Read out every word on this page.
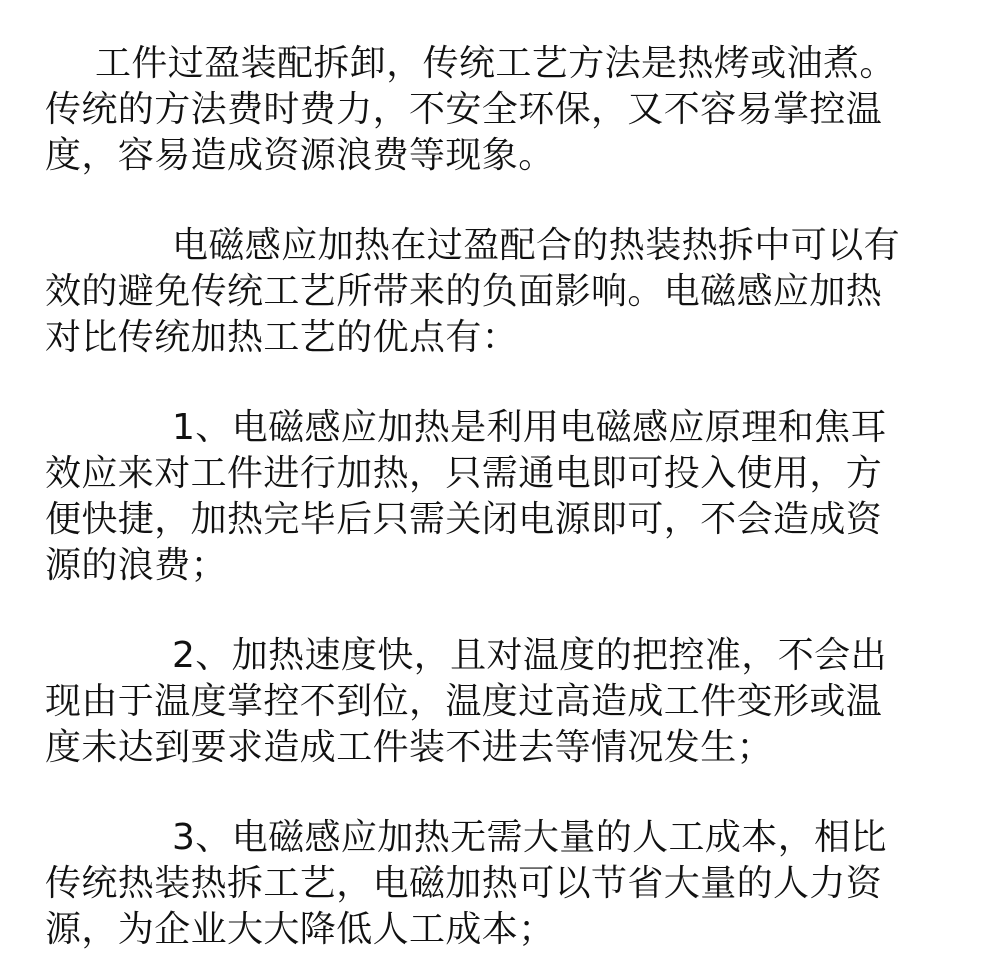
工件过盈装配拆卸，传统工艺方法是热烤或油煮。
传统的方法费时费力，不安全环保，又不容易掌控温
度，容易造成资源浪费等现象。
电磁感应加热在过盈配合的热装热拆中可以有
效的避免传统工艺所带来的负面影响。电磁感应加热
对比传统加热工艺的优点有：
1、电磁感应加热是利用电磁感应原理和焦耳
效应来对工件进行加热，只需通电即可投入使用，方
便快捷，加热完毕后只需关闭电源即可，不会造成资
源的浪费；
2、加热速度快，且对温度的把控准，不会出
现由于温度掌控不到位，温度过高造成工件变形或温
度未达到要求造成工件装不进去等情况发生；
3、电磁感应加热无需大量的人工成本，相比
传统热装热拆工艺，电磁加热可以节省大量的人力资
源，为企业大大降低人工成本；
